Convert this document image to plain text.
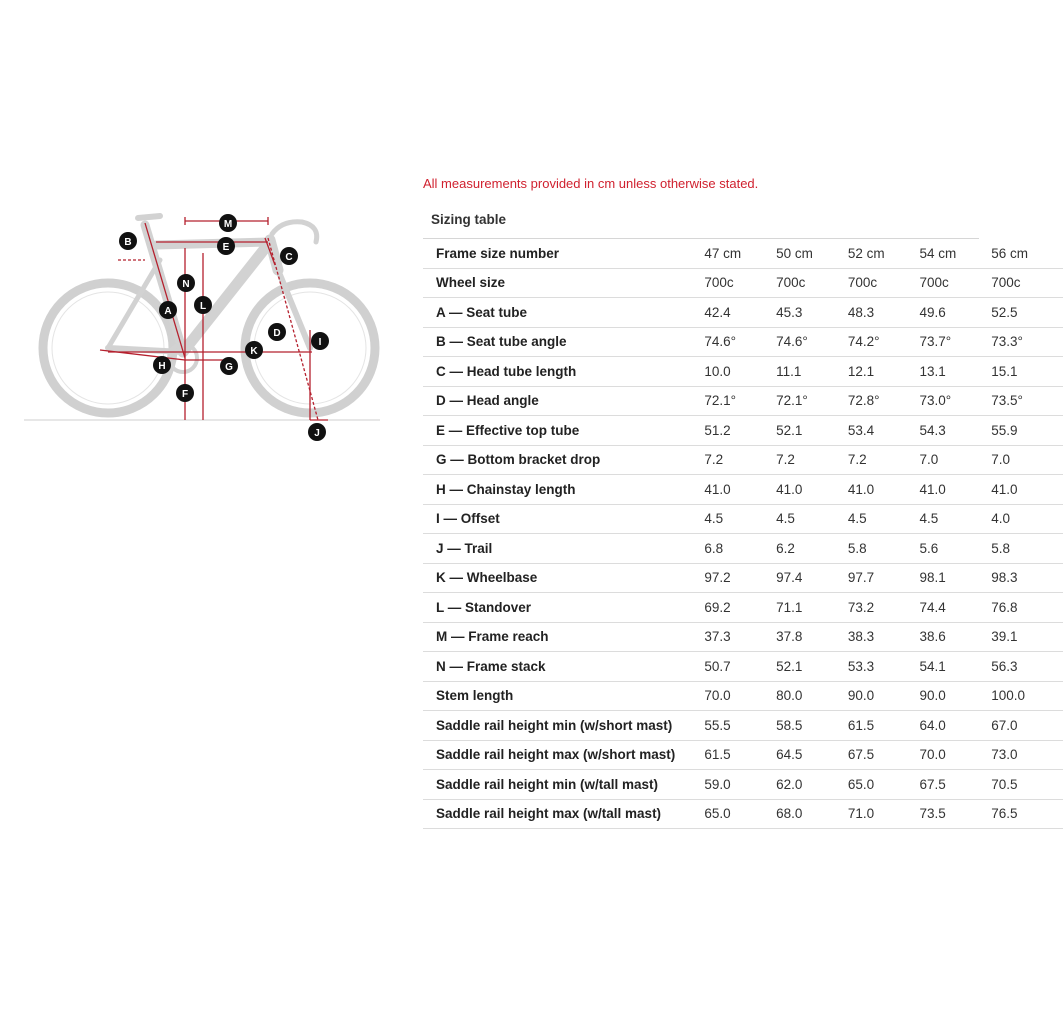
A
B
C
D
E
F
G
H
I
J
K
L
M
N
All measurements provided in cm unless otherwise stated.
Sizing table
Frame size number	47 cm	50 cm	52 cm	54 cm	56 cm
Wheel size	700c	700c	700c	700c	700c
A — Seat tube	42.4	45.3	48.3	49.6	52.5
B — Seat tube angle	74.6°	74.6°	74.2°	73.7°	73.3°
C — Head tube length	10.0	11.1	12.1	13.1	15.1
D — Head angle	72.1°	72.1°	72.8°	73.0°	73.5°
E — Effective top tube	51.2	52.1	53.4	54.3	55.9
G — Bottom bracket drop	7.2	7.2	7.2	7.0	7.0
H — Chainstay length	41.0	41.0	41.0	41.0	41.0
I — Offset	4.5	4.5	4.5	4.5	4.0
J — Trail	6.8	6.2	5.8	5.6	5.8
K — Wheelbase	97.2	97.4	97.7	98.1	98.3
L — Standover	69.2	71.1	73.2	74.4	76.8
M — Frame reach	37.3	37.8	38.3	38.6	39.1
N — Frame stack	50.7	52.1	53.3	54.1	56.3
Stem length	70.0	80.0	90.0	90.0	100.0
Saddle rail height min (w/short mast)	55.5	58.5	61.5	64.0	67.0
Saddle rail height max (w/short mast)	61.5	64.5	67.5	70.0	73.0
Saddle rail height min (w/tall mast)	59.0	62.0	65.0	67.5	70.5
Saddle rail height max (w/tall mast)	65.0	68.0	71.0	73.5	76.5
